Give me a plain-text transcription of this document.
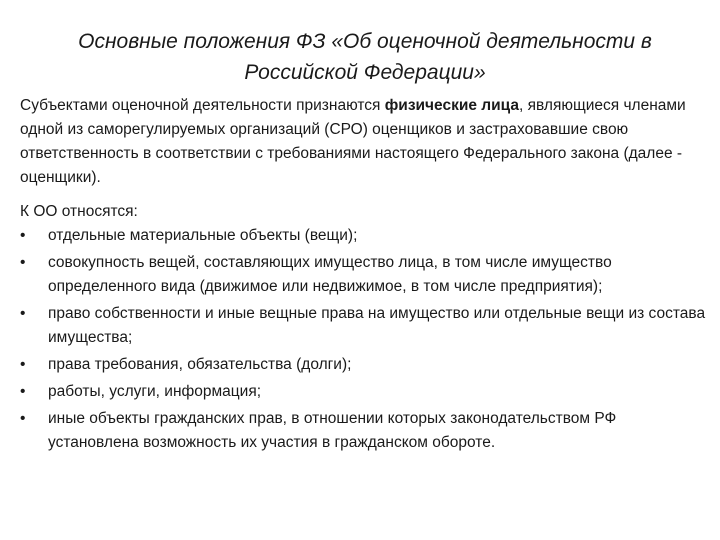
Основные положения ФЗ «Об оценочной деятельности в Российской Федерации»

Субъектами оценочной деятельности признаются физические лица, являющиеся членами одной из саморегулируемых организаций (СРО) оценщиков и застраховавшие свою ответственность в соответствии с требованиями настоящего Федерального закона (далее - оценщики).

К ОО относятся:

•	отдельные материальные объекты (вещи);
•	совокупность вещей, составляющих имущество лица, в том числе имущество определенного вида (движимое или недвижимое, в том числе предприятия);
•	право собственности и иные вещные права на имущество или отдельные вещи из состава имущества;
•	права требования, обязательства (долги);
•	работы, услуги, информация;
•	иные объекты гражданских прав, в отношении которых законодательством РФ установлена возможность их участия в гражданском обороте.
